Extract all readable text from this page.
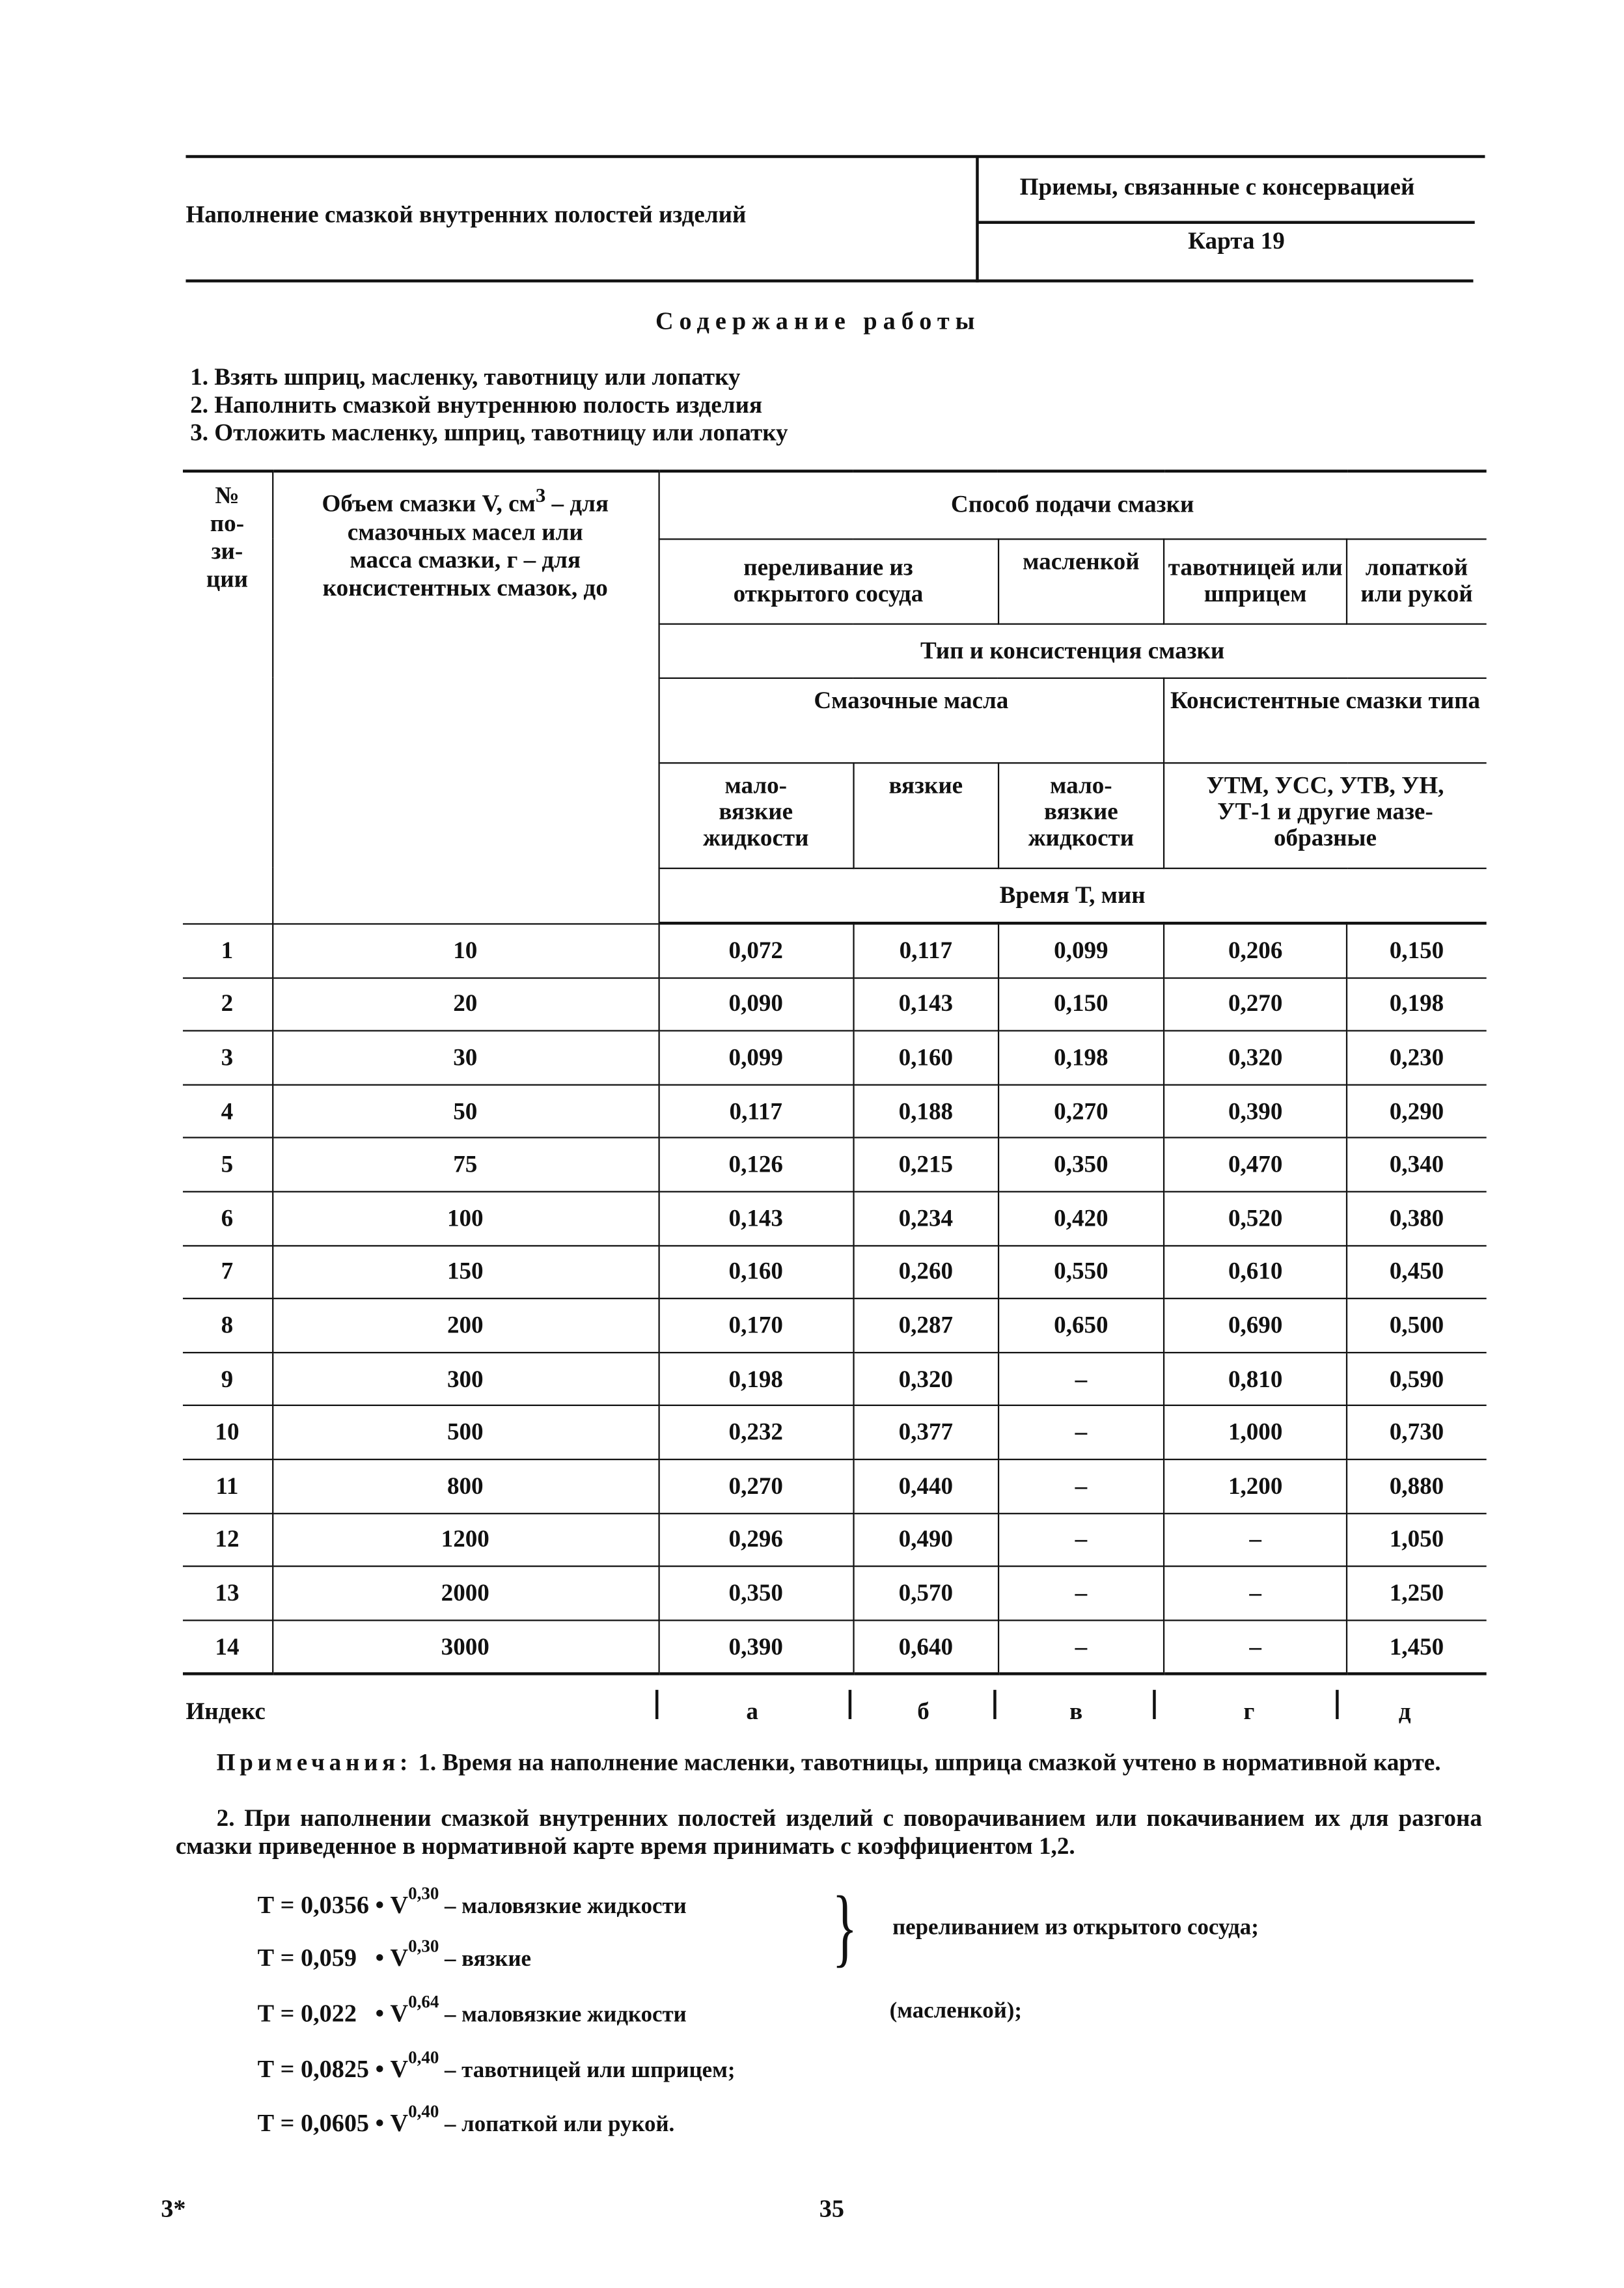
Наполнение смазкой внутренних полостей изделий
Приемы, связанные с консервацией
Карта 19
Содержание работы
1. Взять шприц, масленку, тавотницу или лопатку
2. Наполнить смазкой внутреннюю полость изделия
3. Отложить масленку, шприц, тавотницу или лопатку
№ по- зи- ции	Объем смазки V, $см^3$ – для смазочных масел или масса смазки, г – для консистентных смазок, до	Способ подачи смазки				

		переливание из открытого сосуда		масленкой	тавотницей или шприцем	лопаткой или рукой
		Тип и консистенция смазки				
		Смазочные масла			Консистентные смазки типа	

		мало- вязкие жидкости	вязкие	мало- вязкие жидкости	УТМ, УСС, УТВ, УН, УТ-1 и другие мазе- образные	

		Время Т, мин				
1	10	0,072	0,117	0,099	0,206	0,150
2	20	0,090	0,143	0,150	0,270	0,198
3	30	0,099	0,160	0,198	0,320	0,230
4	50	0,117	0,188	0,270	0,390	0,290
5	75	0,126	0,215	0,350	0,470	0,340
6	100	0,143	0,234	0,420	0,520	0,380
7	150	0,160	0,260	0,550	0,610	0,450
8	200	0,170	0,287	0,650	0,690	0,500
9	300	0,198	0,320	–	0,810	0,590
10	500	0,232	0,377	–	1,000	0,730
11	800	0,270	0,440	–	1,200	0,880
12	1200	0,296	0,490	–	–	1,050
13	2000	0,350	0,570	–	–	1,250
14	3000	0,390	0,640	–	–	1,450
Индекс	а	б	в	г	д
Примечания: 1. Время на наполнение масленки, тавотницы, шприца смазкой учтено в нормативной карте.
2. При наполнении смазкой внутренних полостей изделий с поворачиванием или покачиванием их для разгона смазки приведенное в нормативной карте время принимать с коэффициентом 1,2.
Т = 0,0356 • V$^{0,30}$ – маловязкие жидкости
Т = 0,059   • V$^{0,30}$ – вязкие
Т = 0,022   • V$^{0,64}$ – маловязкие жидкости
Т = 0,0825 • V$^{0,40}$ – тавотницей или шприцем;
Т = 0,0605 • V$^{0,40}$ – лопаткой или рукой.
}	переливанием из открытого сосуда;
(масленкой);
3*	35
